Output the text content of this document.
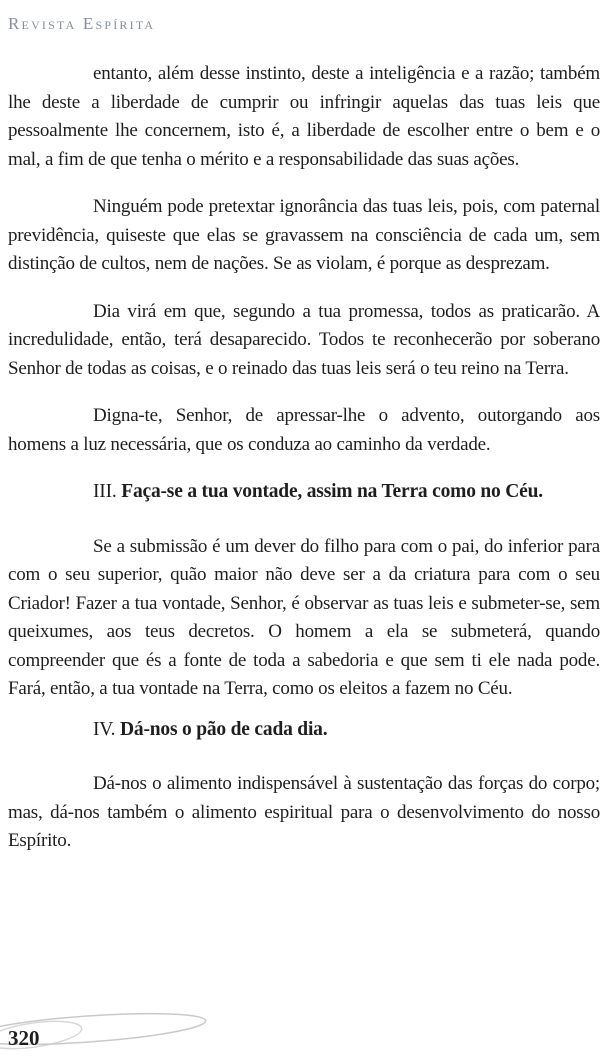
Revista Espírita

entanto, além desse instinto, deste a inteligência e a razão; também lhe deste a liberdade de cumprir ou infringir aquelas das tuas leis que pessoalmente lhe concernem, isto é, a liberdade de escolher entre o bem e o mal, a fim de que tenha o mérito e a responsabilidade das suas ações.

Ninguém pode pretextar ignorância das tuas leis, pois, com paternal previdência, quiseste que elas se gravassem na consciência de cada um, sem distinção de cultos, nem de nações. Se as violam, é porque as desprezam.

Dia virá em que, segundo a tua promessa, todos as praticarão. A incredulidade, então, terá desaparecido. Todos te reconhecerão por soberano Senhor de todas as coisas, e o reinado das tuas leis será o teu reino na Terra.

Digna-te, Senhor, de apressar-lhe o advento, outorgando aos homens a luz necessária, que os conduza ao caminho da verdade.

III. Faça-se a tua vontade, assim na Terra como no Céu.

Se a submissão é um dever do filho para com o pai, do inferior para com o seu superior, quão maior não deve ser a da criatura para com o seu Criador! Fazer a tua vontade, Senhor, é observar as tuas leis e submeter-se, sem queixumes, aos teus decretos. O homem a ela se submeterá, quando compreender que és a fonte de toda a sabedoria e que sem ti ele nada pode. Fará, então, a tua vontade na Terra, como os eleitos a fazem no Céu.

IV. Dá-nos o pão de cada dia.

Dá-nos o alimento indispensável à sustentação das forças do corpo; mas, dá-nos também o alimento espiritual para o desenvolvimento do nosso Espírito.

320
